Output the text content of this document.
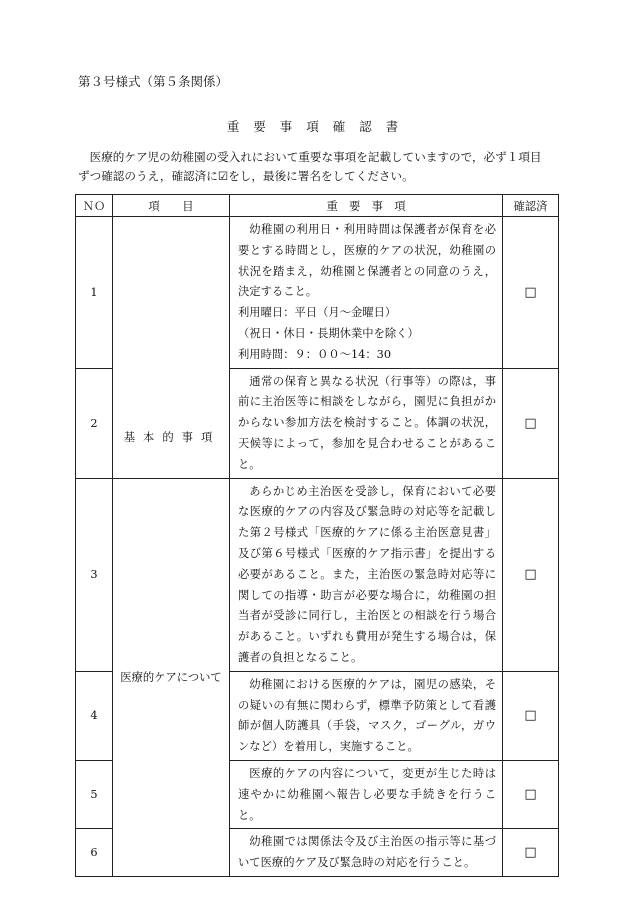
第３号様式（第５条関係）
重 要 事 項 確 認 書

医療的ケア児の幼稚園の受入れにおいて重要な事項を記載していますので，必ず１項目

ずつ確認のうえ，確認済に☑をし，最後に署名をしてください。

ＮＯ	項　　目	重　要　事　項	確認済
1	基本的事項	幼稚園の利用日・利用時間は保護者が保育を必要とする時間とし，医療的ケアの状況，幼稚園の状況を踏まえ，幼稚園と保護者との同意のうえ，決定すること。

利用曜日：平日（月～金曜日）

（祝日・休日・長期休業中を除く）

利用時間：９：００～14：30	□
2		通常の保育と異なる状況（行事等）の際は，事前に主治医等に相談をしながら，園児に負担がかからない参加方法を検討すること。体調の状況，天候等によって，参加を見合わせることがあること。	□
3	医療的ケアについて	あらかじめ主治医を受診し，保育において必要な医療的ケアの内容及び緊急時の対応等を記載した第２号様式「医療的ケアに係る主治医意見書」及び第６号様式「医療的ケア指示書」を提出する必要があること。また，主治医の緊急時対応等に関しての指導・助言が必要な場合に，幼稚園の担当者が受診に同行し，主治医との相談を行う場合があること。いずれも費用が発生する場合は，保護者の負担となること。	□
4		幼稚園における医療的ケアは，園児の感染，その疑いの有無に関わらず，標準予防策として看護師が個人防護具（手袋，マスク，ゴーグル，ガウンなど）を着用し，実施すること。	□
5		医療的ケアの内容について，変更が生じた時は速やかに幼稚園へ報告し必要な手続きを行うこと。	□
6		幼稚園では関係法令及び主治医の指示等に基づいて医療的ケア及び緊急時の対応を行うこと。	□
